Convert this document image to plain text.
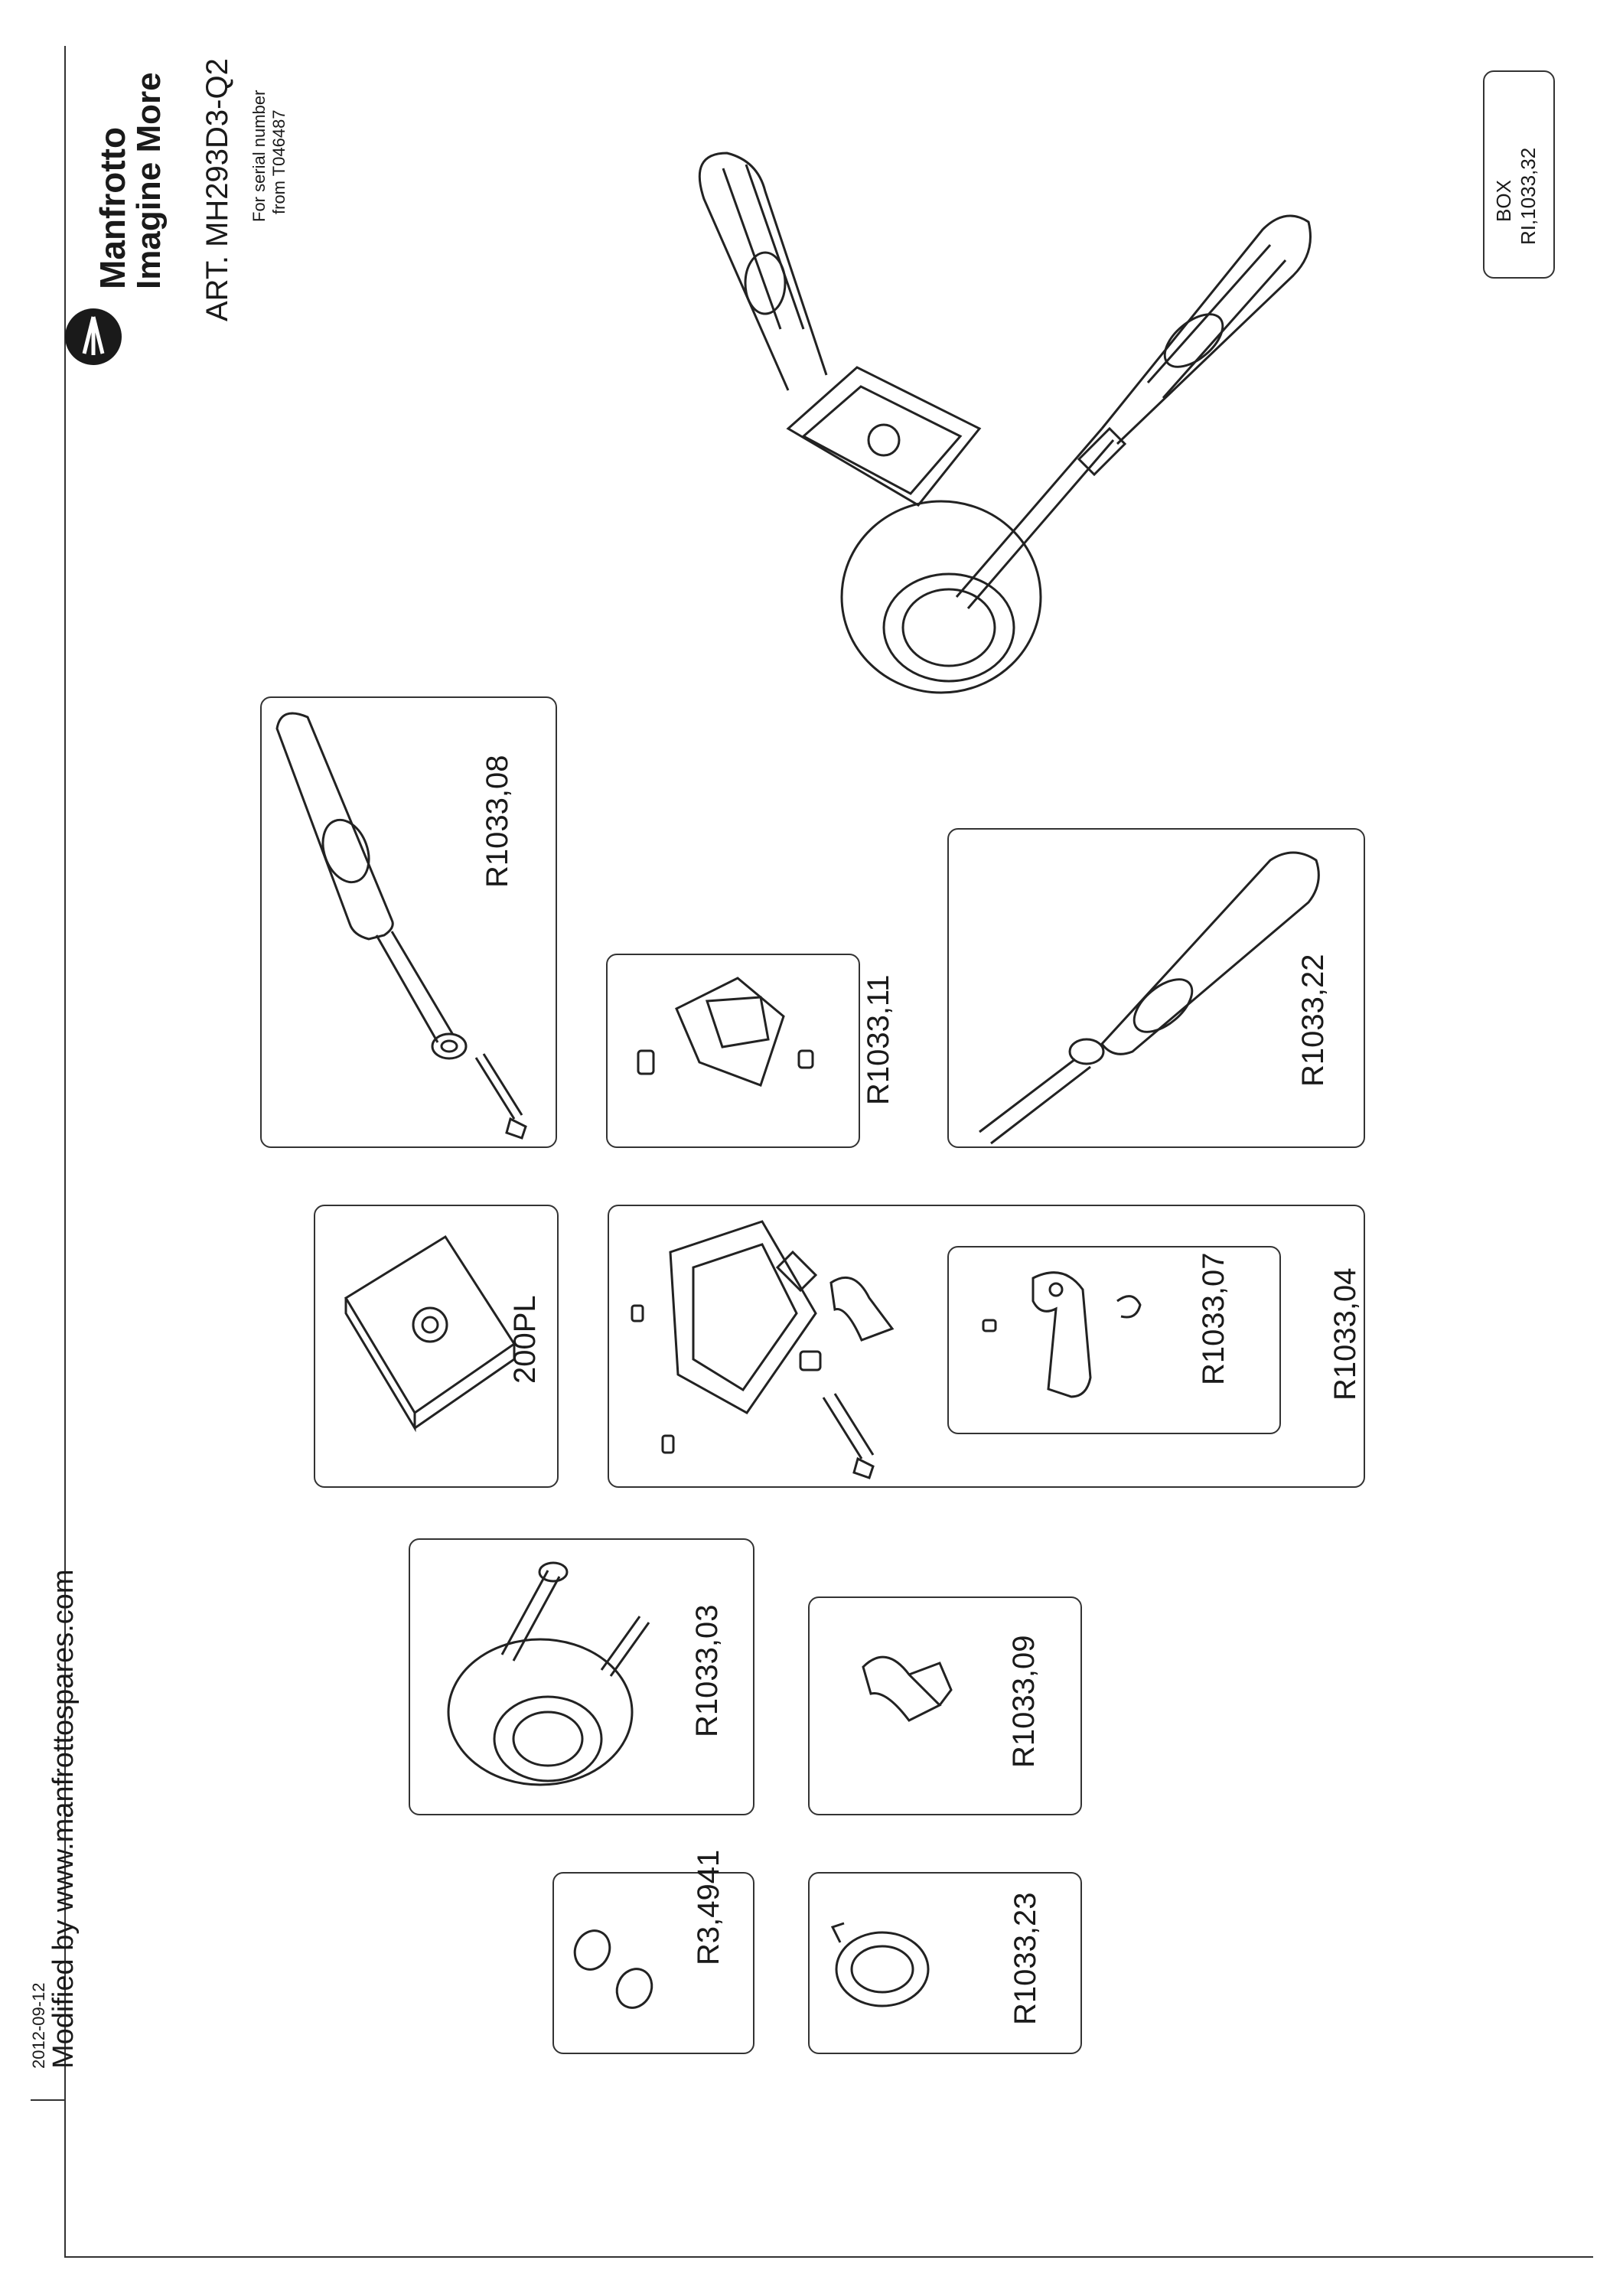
2012-09-12 Modified by www.manfrottospares.com
Manfrotto
Imagine More ART. MH293D3-Q2 For serial number from T046487	BOX RI,1033,32
R1033,08
R1033,11	R1033,22
200PL	R1033,04
R1033,07
R1033,03	R1033,09
R3,4941	R1033,23
